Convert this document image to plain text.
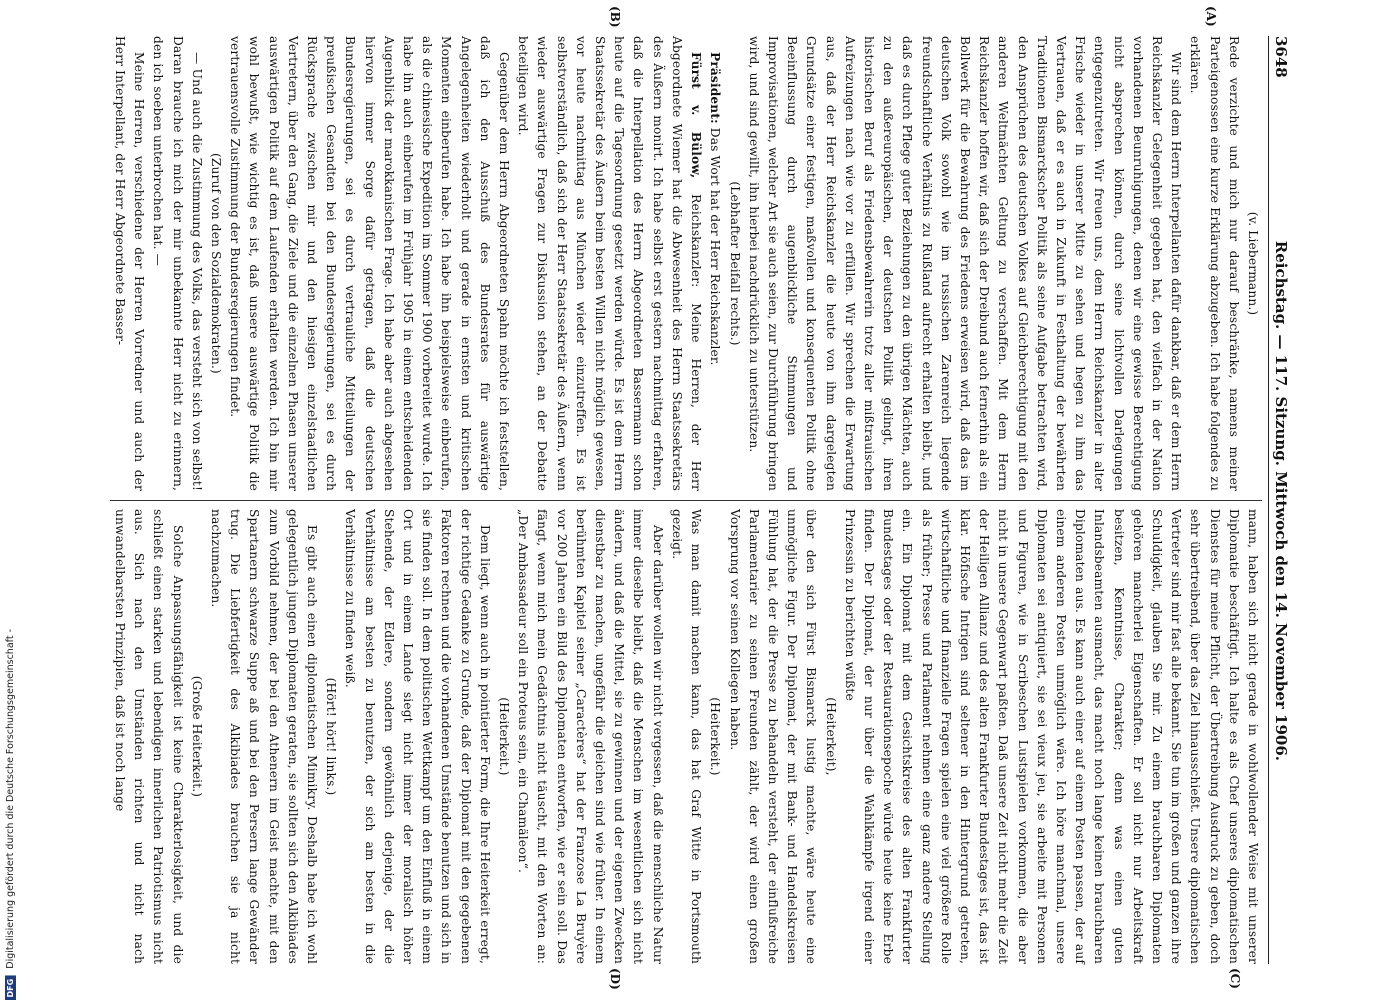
DFG Digitalisierung gefördert durch die Deutsche Forschungsgemeinschaft -
3648
Reichstag. — 117. Sitzung. Mittwoch den 14. November 1906.
(A)
(B)
(C)
(D)

(v. Liebermann.)

Rede verzichte und mich nur darauf beschränke, namens meiner Parteigenossen eine kurze Erklärung abzugeben. Ich habe folgendes zu erklären.

Wir sind dem Herrn Interpellanten dafür dankbar, daß er dem Herrn Reichskanzler Gelegenheit gegeben hat, den vielfach in der Nation vorhandenen Beunruhigungen, denen wir eine gewisse Berechtigung nicht absprechen können, durch seine lichtvollen Darlegungen entgegenzutreten. Wir freuen uns, dem Herrn Reichskanzler in alter Frische wieder in unserer Mitte zu sehen und hegen zu ihm das Vertrauen, daß er es auch in Zukunft in Festhaltung der bewährten Traditionen Bismarckscher Politik als seine Aufgabe betrachten wird, den Ansprüchen des deutschen Volkes auf Gleichberechtigung mit den anderen Weltmächten Geltung zu verschaffen. Mit dem Herrn Reichskanzler hoffen wir, daß sich der Dreibund auch fernerhin als ein Bollwerk für die Bewahrung des Friedens erweisen wird, daß das im deutschen Volk sowohl wie im russischen Zarenreich liegende freundschaftliche Verhältnis zu Rußland aufrecht erhalten bleibt, und daß es durch Pflege guter Beziehungen zu den übrigen Mächten, auch zu den außereuropäischen, der deutschen Politik gelingt, ihren historischen Beruf als Friedensbewahrerin trotz aller mißtrauischen Aufreizungen nach wie vor zu erfüllen. Wir sprechen die Erwartung aus, daß der Herr Reichskanzler die heute von ihm dargelegten Grundsätze einer festigen, maßvollen und konsequenten Politik ohne Beeinflussung durch augenblickliche Stimmungen und Improvisationen, welcher Art sie auch seien, zur Durchführung bringen wird, und sind gewillt, ihn hierbei nachdrücklich zu unterstützen.

(Lebhafter Beifall rechts.)

Präsident: Das Wort hat der Herr Reichskanzler.

Fürst v. Bülow, Reichskanzler: Meine Herren, der Herr Abgeordnete Wiemer hat die Abwesenheit des Herrn Staatssekretärs des Äußern monirt. Ich habe selbst erst gestern nachmittag erfahren, daß die Interpellation des Herrn Abgeordneten Bassermann schon heute auf die Tagesordnung gesetzt werden würde. Es ist dem Herrn Staatssekretär des Äußern beim besten Willen nicht möglich gewesen, vor heute nachmittag aus München wieder einzutreffen. Es ist selbstverständlich, daß sich der Herr Staatssekretär des Äußern, wenn wieder auswärtige Fragen zur Diskussion stehen, an der Debatte beteiligen wird.

Gegenüber dem Herrn Abgeordneten Spahn möchte ich feststellen, daß ich den Ausschuß des Bundesrates für auswärtige Angelegenheiten wiederholt und gerade in ernsten und kritischen Momenten einberufen habe. Ich habe ihn beispielsweise einberufen, als die chinesische Expedition im Sommer 1900 vorbereitet wurde. Ich habe ihn auch einberufen im Frühjahr 1905 in einem entscheidenden Augenblick der marokkanischen Frage. Ich habe aber auch abgesehen hiervon immer Sorge dafür getragen, daß die deutschen Bundesregierungen, sei es durch vertrauliche Mitteilungen der preußischen Gesandten bei den Bundesregierungen, sei es durch Rücksprache zwischen mir und den hiesigen einzelstaatlichen Vertretern, über den Gang, die Ziele und die einzelnen Phasen unserer auswärtigen Politik auf dem Laufenden erhalten werden. Ich bin mir wohl bewußt, wie wichtig es ist, daß unsere auswärtige Politik die vertrauensvolle Zustimmung der Bundesregierungen findet.

(Zuruf von den Sozialdemokraten.)

— Und auch die Zustimmung des Volks, das versteht sich von selbst! Daran brauche ich mich der mir unbekannte Herr nicht zu erinnern, den ich soeben unterbrochen hat. —

Meine Herren, verschiedene der Herren Vorredner und auch der Herr Interpellant, der Herr Abgeordnete Basser-

mann, haben sich nicht gerade in wohlwollender Weise mit unserer Diplomatie beschäftigt. Ich halte es als Chef unseres diplomatischen Dienstes für meine Pflicht, der Übertreibung Ausdruck zu geben, doch sehr übertreibend, über das Ziel hinausschießt. Unsere diplomatischen Vertreter sind mir fast alle bekannt. Sie tun im großen und ganzen ihre Schuldigkeit, glauben Sie mir. Zu einem brauchbaren Diplomaten gehören mancherlei Eigenschaften. Er soll nicht nur Arbeitskraft besitzen, Kenntnisse, Charakter; denn was einen guten Inlandsbeamten ausmacht, das macht noch lange keinen brauchbaren Diplomaten aus. Es kann auch einer auf einem Posten passen, der auf einem anderen Posten unmöglich wäre. Ich höre manchmal, unsere Diplomaten sei antiquiert, sie sei vieux jeu, sie arbeite mit Personen und Figuren, wie in Scribeschen Lustspielen vorkommen, die aber nicht in unsere Gegenwart paßten. Daß unsere Zeit nicht mehr die Zeit der Heiligen Allianz und des alten Frankfurter Bundestages ist, das ist klar. Höfische Intrigen sind seltener in den Hintergrund getreten, wirtschaftliche und finanzielle Fragen spielen eine viel größere Rolle als früher; Presse und Parlament nehmen eine ganz andere Stellung ein. Ein Diplomat mit dem Gesichtskreise des alten Frankfurter Bundestages oder der Restaurationsepoche würde heute keine Erbe finden. Der Diplomat, der nur über die Wahlkämpfe irgend einer Prinzessin zu berichten wüßte

(Heiterkeit),

über den sich Fürst Bismarck lustig machte, wäre heute eine unmögliche Figur. Der Diplomat, der mit Bank- und Handelskreisen Fühlung hat, der die Presse zu behandeln versteht, der einflußreiche Parlamentarier zu seinen Freunden zählt, der wird einen großen Vorsprung vor seinen Kollegen haben.

(Heiterkeit.)

Was man damit machen kann, das hat Graf Witte in Portsmouth gezeigt.

Aber darüber wollen wir nicht vergessen, daß die menschliche Natur immer dieselbe bleibt, daß die Menschen im wesentlichen sich nicht ändern, und daß die Mittel, sie zu gewinnen und der eigenen Zwecken dienstbar zu machen, ungefähr die gleichen sind wie früher. In einem berühmten Kapitel seiner „Caractères“ hat der Franzose La Bruyère vor 200 Jahren ein Bild des Diplomaten entworfen, wie er sein soll. Das fängt, wenn mich mein Gedächtnis nicht täuscht, mit den Worten an: „Der Ambassadeur soll ein Proteus sein, ein Chamäleon“.

(Heiterkeit.)

Dem liegt, wenn auch in pointierter Form, die Ihre Heiterkeit erregt, der richtige Gedanke zu Grunde, daß der Diplomat mit den gegebenen Faktoren rechnen und die vorhandenen Umstände benutzen und sich in sie finden soll. In dem politischen Wettkampf um den Einfluß in einem Ort und in einem Lande siegt nicht immer der moralisch höher Stehende, der Edlere, sondern gewöhnlich derjenige, der die Verhältnisse am besten zu benutzen, der sich am besten in die Verhältnisse zu finden weiß.

(Hört! hört! links.)

Es gibt auch einen diplomatischen Mimikry. Deshalb habe ich wohl gelegentlich jungen Diplomaten geraten, sie sollten sich den Alkibiades zum Vorbild nehmen, der bei den Athenern im Geist machte, mit den Spartanern schwarze Suppe aß und bei den Persern lange Gewänder trug. Die Liebfertigkeit des Alkibiades brauchen sie ja nicht nachzumachen.

(Große Heiterkeit.)

Solche Anpassungsfähigkeit ist keine Charakterlosigkeit, und die schließt einen starken und lebendigen innerlichen Patriotismus nicht aus. Sich nach den Umständen richten und nicht nach unwandelbarsten Prinzipien, daß ist noch lange
